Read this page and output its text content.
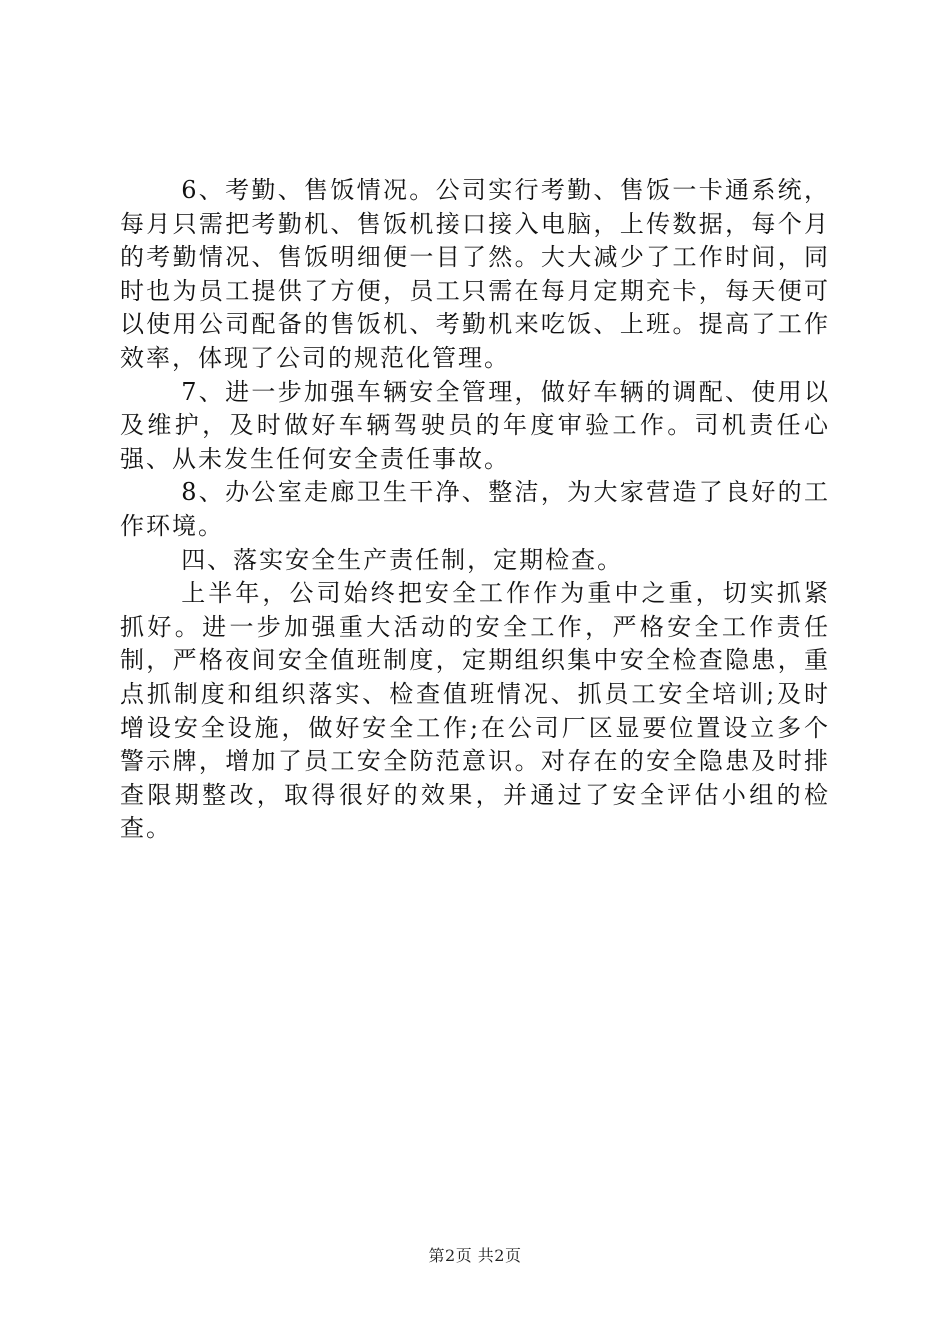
6、考勤、售饭情况。公司实行考勤、售饭一卡通系统，每月只需把考勤机、售饭机接口接入电脑，上传数据，每个月的考勤情况、售饭明细便一目了然。大大减少了工作时间，同时也为员工提供了方便，员工只需在每月定期充卡，每天便可以使用公司配备的售饭机、考勤机来吃饭、上班。提高了工作效率，体现了公司的规范化管理。

7、进一步加强车辆安全管理，做好车辆的调配、使用以及维护，及时做好车辆驾驶员的年度审验工作。司机责任心强、从未发生任何安全责任事故。

8、办公室走廊卫生干净、整洁，为大家营造了良好的工作环境。

四、落实安全生产责任制，定期检查。

上半年，公司始终把安全工作作为重中之重，切实抓紧抓好。进一步加强重大活动的安全工作，严格安全工作责任制，严格夜间安全值班制度，定期组织集中安全检查隐患，重点抓制度和组织落实、检查值班情况、抓员工安全培训;及时增设安全设施，做好安全工作;在公司厂区显要位置设立多个警示牌，增加了员工安全防范意识。对存在的安全隐患及时排查限期整改，取得很好的效果，并通过了安全评估小组的检查。

第2页 共2页
